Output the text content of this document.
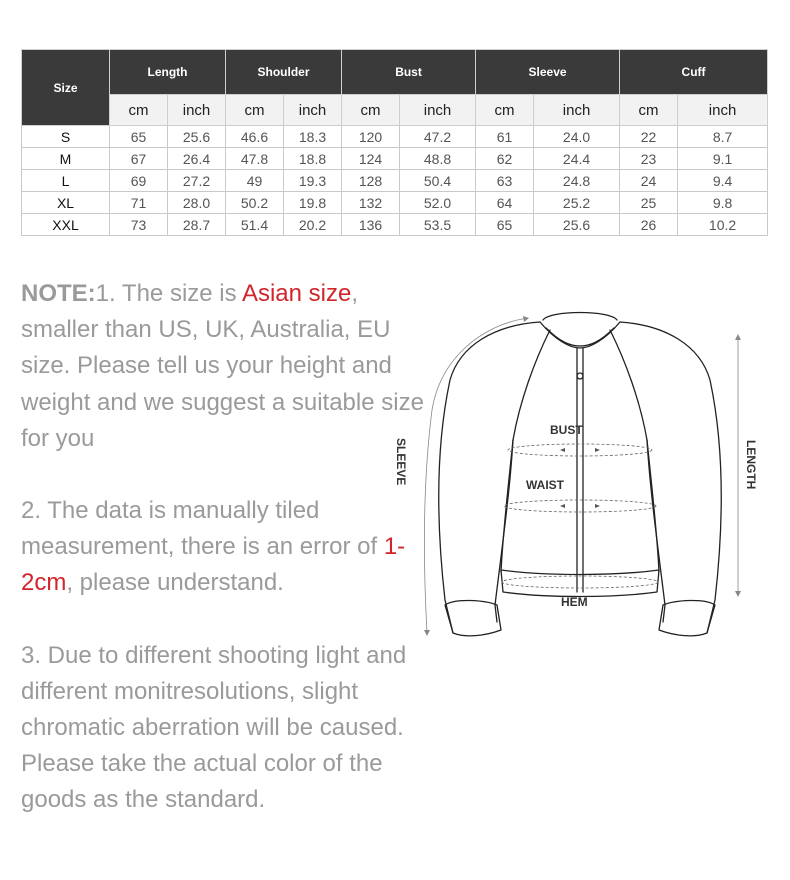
Size	Length		Shoulder		Bust		Sleeve		Cuff	
	cm	inch	cm	inch	cm	inch	cm	inch	cm	inch
S	65	25.6	46.6	18.3	120	47.2	61	24.0	22	8.7
M	67	26.4	47.8	18.8	124	48.8	62	24.4	23	9.1
L	69	27.2	49	19.3	128	50.4	63	24.8	24	9.4
XL	71	28.0	50.2	19.8	132	52.0	64	25.2	25	9.8
XXL	73	28.7	51.4	20.2	136	53.5	65	25.6	26	10.2

NOTE:1. The size is Asian size, smaller than US, UK, Australia, EU size. Please tell us your height and weight and we suggest a suitable size for you

2. The data is manually tiled measurement, there is an error of 1-2cm, please understand.

3. Due to different shooting light and different monitresolutions, slight chromatic aberration will be caused. Please take the actual color of the goods as the standard.

BUST
WAIST
HEM
SLEEVE	LENGTH
